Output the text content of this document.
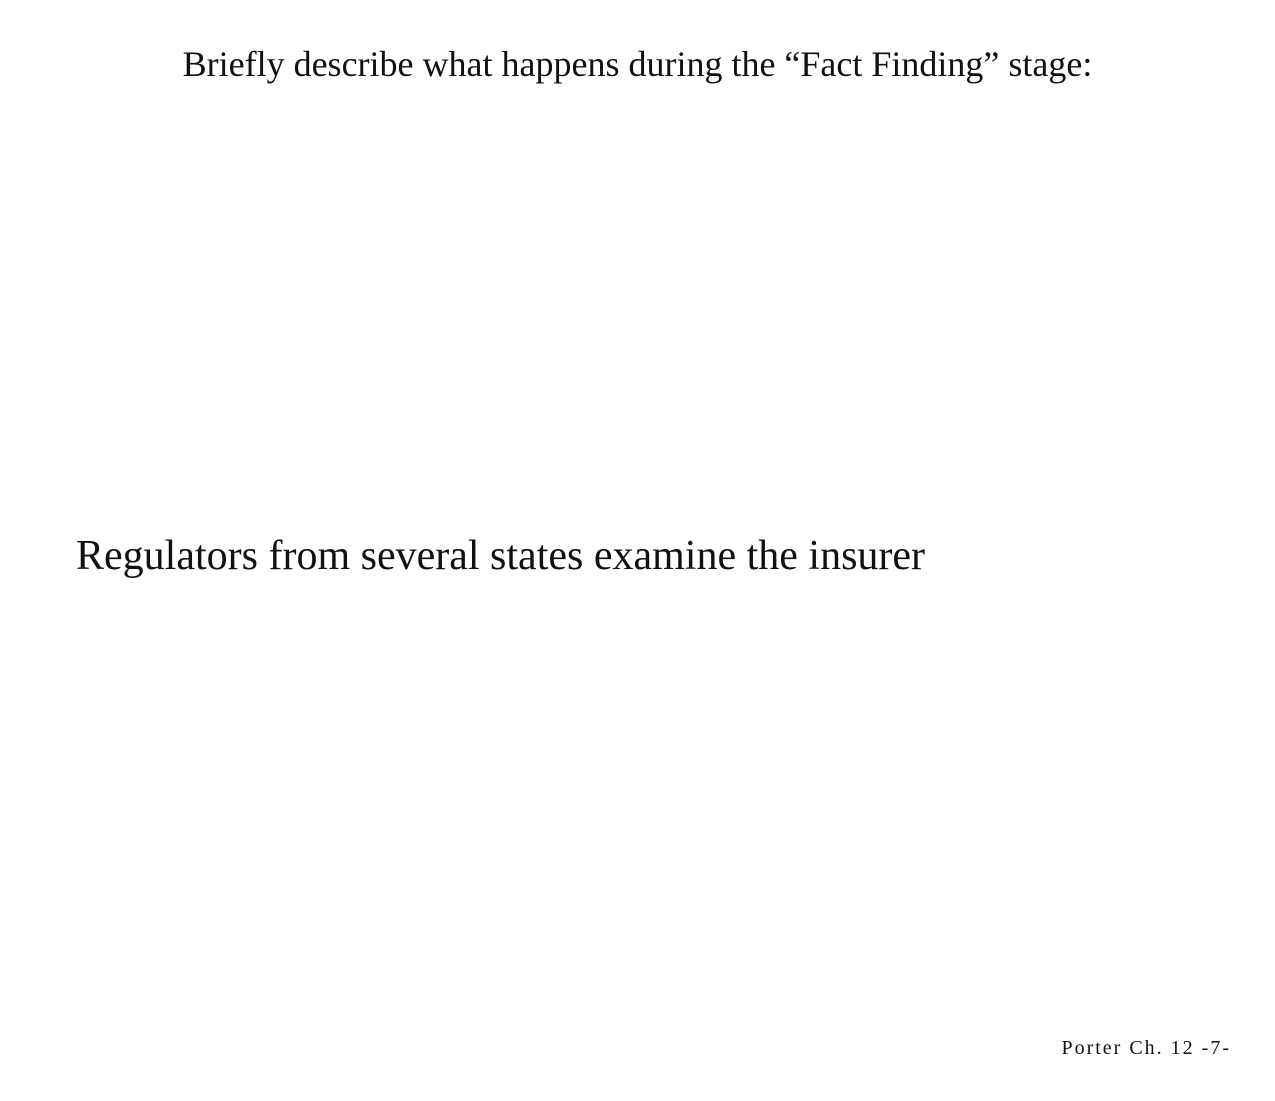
Briefly describe what happens during the “Fact Finding” stage:
Regulators from several states examine the insurer
Porter Ch. 12 -7-
